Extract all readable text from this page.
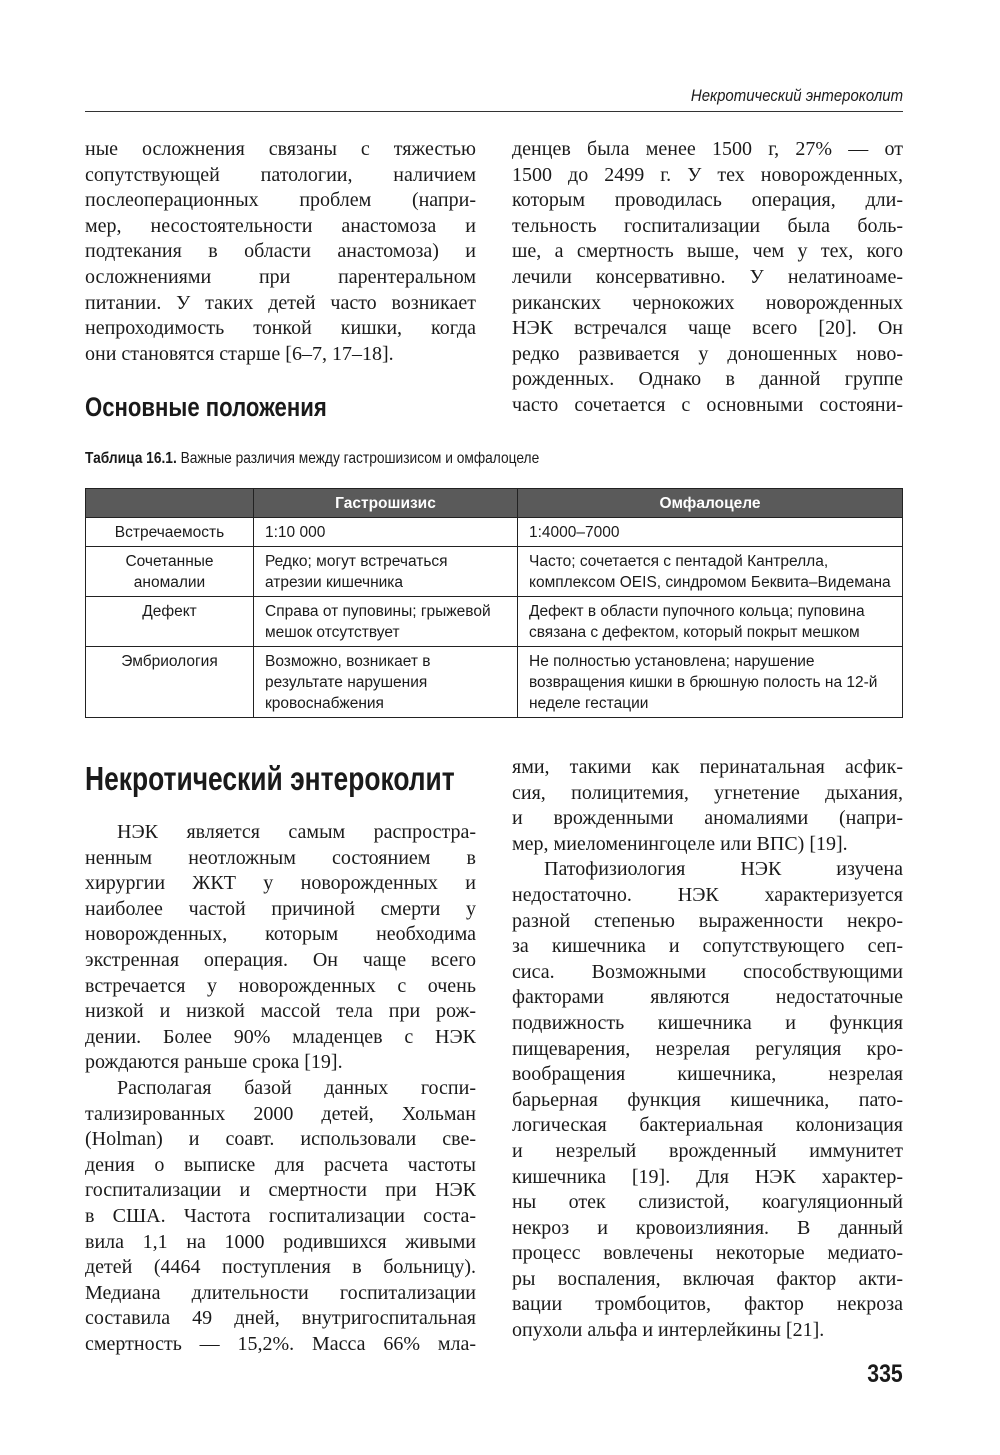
Некротический энтероколит
ные осложнения связаны с тяжестью
сопутствующей патологии, наличием
послеоперационных проблем (напри-
мер, несостоятельности анастомоза и
подтекания в области анастомоза) и
осложнениями при парентеральном
питании. У таких детей часто возникает
непроходимость тонкой кишки, когда
они становятся старше [6–7, 17–18].
денцев была менее 1500 г, 27% — от
1500 до 2499 г. У тех новорожденных,
которым проводилась операция, дли-
тельность госпитализации была боль-
ше, а смертность выше, чем у тех, кого
лечили консервативно. У нелатиноаме-
риканских чернокожих новорожденных
НЭК встречался чаще всего [20]. Он
редко развивается у доношенных ново-
рожденных. Однако в данной группе
часто сочетается с основными состояни-
Основные положения
Таблица 16.1. Важные различия между гастрошизисом и омфалоцеле
	Гастрошизис	Омфалоцеле
Встречаемость	1:10 000	1:4000–7000
Сочетанные аномалии	Редко; могут встречаться атрезии кишечника	Часто; сочетается с пентадой Кантрелла, комплексом OEIS, синдромом Беквита–Видемана
Дефект	Справа от пуповины; грыжевой мешок отсутствует	Дефект в области пупочного кольца; пуповина связана с дефектом, который покрыт мешком
Эмбриология	Возможно, возникает в результате нарушения кровоснабжения	Не полностью установлена; нарушение возвращения кишки в брюшную полость на 12-й неделе гестации
Некротический энтероколит
НЭК является самым распростра-
ненным неотложным состоянием в
хирургии ЖКТ у новорожденных и
наиболее частой причиной смерти у
новорожденных, которым необходима
экстренная операция. Он чаще всего
встречается у новорожденных с очень
низкой и низкой массой тела при рож-
дении. Более 90% младенцев с НЭК
рождаются раньше срока [19].
Располагая базой данных госпи-
тализированных 2000 детей, Хольман
(Holman) и соавт. использовали све-
дения о выписке для расчета частоты
госпитализации и смертности при НЭК
в США. Частота госпитализации соста-
вила 1,1 на 1000 родившихся живыми
детей (4464 поступления в больницу).
Медиана длительности госпитализации
составила 49 дней, внутригоспитальная
смертность — 15,2%. Масса 66% мла-
ями, такими как перинатальная асфик-
сия, полицитемия, угнетение дыхания,
и врожденными аномалиями (напри-
мер, миеломенингоцеле или ВПС) [19].
Патофизиология НЭК изучена
недостаточно. НЭК характеризуется
разной степенью выраженности некро-
за кишечника и сопутствующего сеп-
сиса. Возможными способствующими
факторами являются недостаточные
подвижность кишечника и функция
пищеварения, незрелая регуляция кро-
вообращения кишечника, незрелая
барьерная функция кишечника, пато-
логическая бактериальная колонизация
и незрелый врожденный иммунитет
кишечника [19]. Для НЭК характер-
ны отек слизистой, коагуляционный
некроз и кровоизлияния. В данный
процесс вовлечены некоторые медиато-
ры воспаления, включая фактор акти-
вации тромбоцитов, фактор некроза
опухоли альфа и интерлейкины [21].
335
